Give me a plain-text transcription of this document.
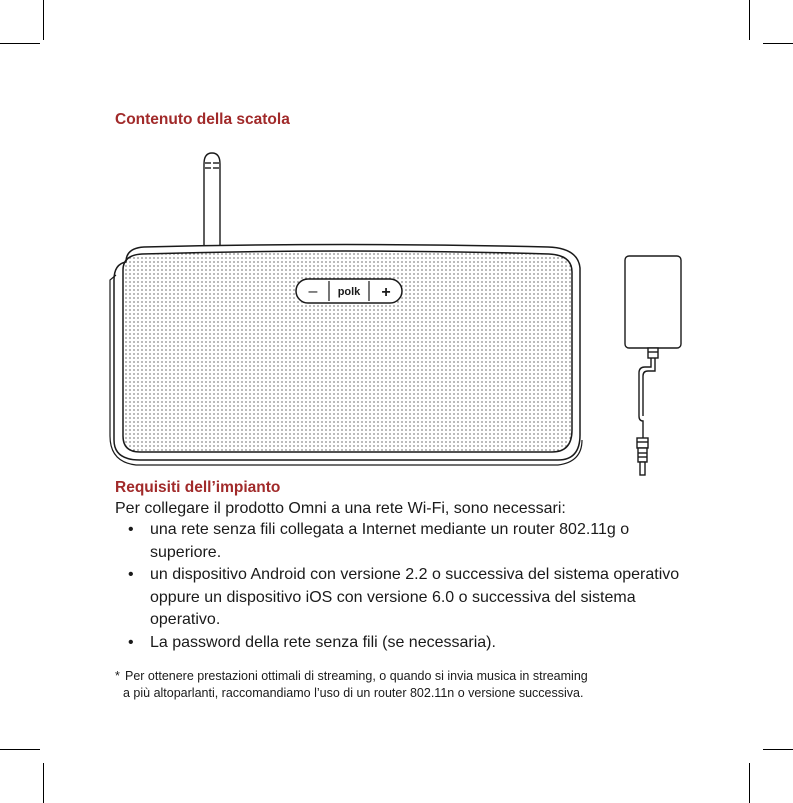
Contenuto della scatola
– polk +
Requisiti dell’impianto

Per collegare il prodotto Omni a una rete Wi-Fi, sono necessari:

• una rete senza fili collegata a Internet mediante un router 802.11g o superiore.
• un dispositivo Android con versione 2.2 o successiva del sistema operativo oppure un dispositivo iOS con versione 6.0 o successiva del sistema operativo.
• La password della rete senza fili (se necessaria).
* Per ottenere prestazioni ottimali di streaming, o quando si invia musica in streaming
a più altoparlanti, raccomandiamo l’uso di un router 802.11n o versione successiva.
